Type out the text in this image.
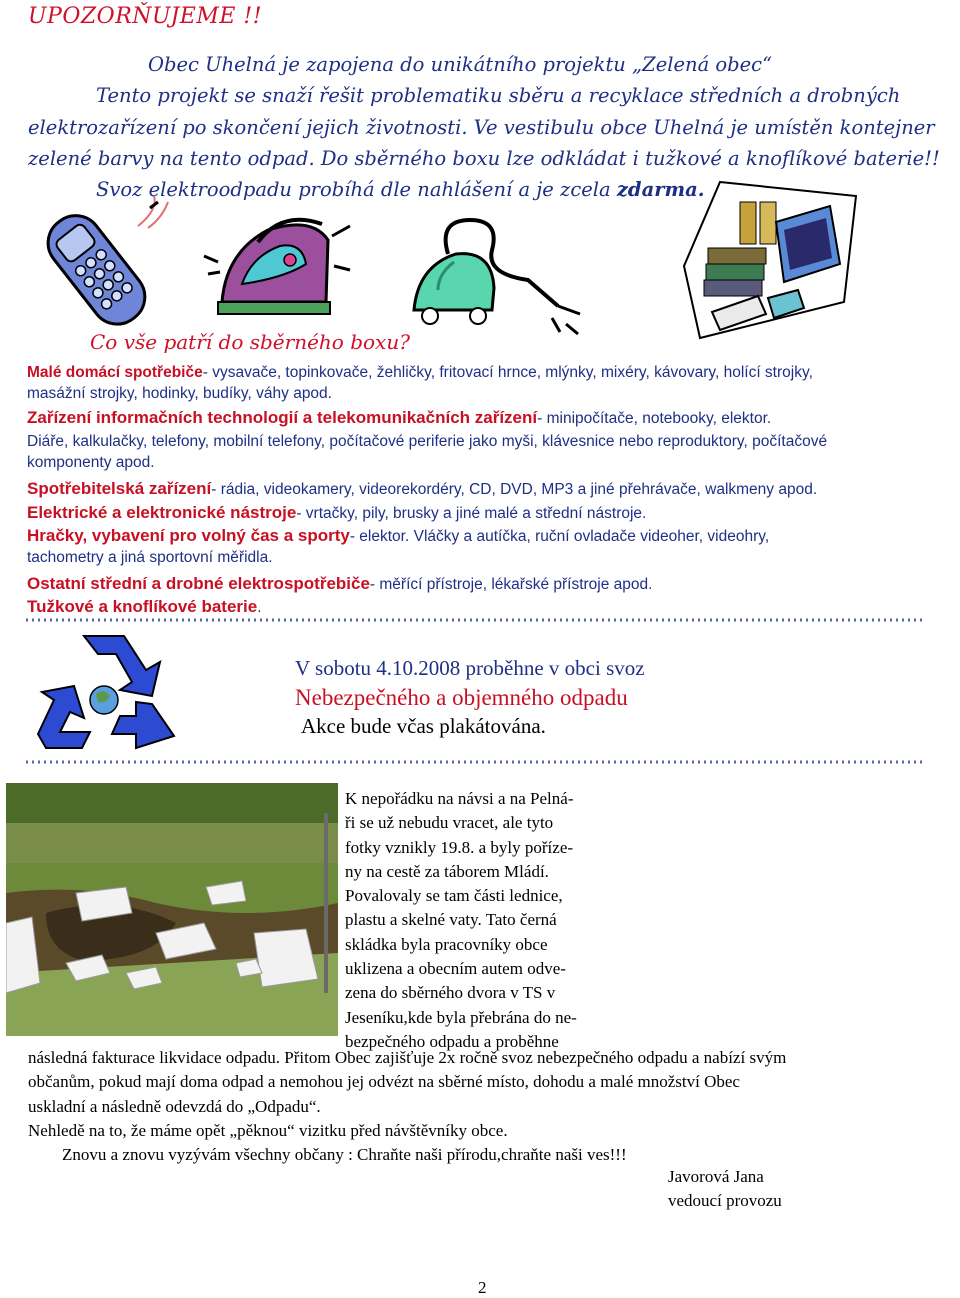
UPOZORŇUJEME !!
Obec Uhelná je zapojena do unikátního projektu „Zelená obec“
Tento projekt se snaží řešit problematiku sběru a recyklace středních a drobných
elektrozařízení po skončení jejich životnosti. Ve vestibulu obce Uhelná je umístěn kontejner
zelené barvy na tento odpad. Do sběrného boxu lze odkládat i tužkové a knoflíkové baterie!!
Svoz elektroodpadu probíhá dle nahlášení a je zcela zdarma.
Co vše patří do sběrného boxu?
Malé domácí spotřebiče- vysavače, topinkovače, žehličky, fritovací hrnce, mlýnky, mixéry, kávovary, holící strojky,
masážní strojky, hodinky, budíky, váhy apod.
Zařízení informačních technologií a telekomunikačních zařízení- minipočítače, notebooky, elektor.
Diáře, kalkulačky, telefony, mobilní telefony, počítačové periferie jako myši, klávesnice nebo reproduktory, počítačové
komponenty apod.
Spotřebitelská zařízení- rádia, videokamery, videorekordéry, CD, DVD, MP3 a jiné přehrávače, walkmeny apod.
Elektrické a elektronické nástroje- vrtačky, pily, brusky a jiné malé a střední nástroje.
Hračky, vybavení pro volný čas a sporty- elektor. Vláčky a autíčka, ruční ovladače videoher, videohry,
tachometry a jiná sportovní měřidla.
Ostatní střední a drobné elektrospotřebiče- měřící přístroje, lékařské přístroje apod.
Tužkové a knoflíkové baterie.
V sobotu 4.10.2008 proběhne v obci svoz
Nebezpečného a objemného odpadu
Akce bude včas plakátována.
K nepořádku na návsi a na Pelná-
ři se už nebudu vracet, ale tyto
fotky vznikly 19.8. a byly poříze-
ny na cestě za táborem Mládí.
Povalovaly se tam části lednice,
plastu a skelné vaty. Tato černá
skládka byla pracovníky obce
uklizena a obecním autem odve-
zena do sběrného dvora v TS v
Jeseníku,kde byla přebrána do ne-
bezpečného odpadu a proběhne
následná fakturace likvidace odpadu. Přitom Obec zajišťuje 2x ročně svoz nebezpečného odpadu a nabízí svým
občanům, pokud mají doma odpad a nemohou jej odvézt na sběrné místo, dohodu a malé množství Obec
uskladní a následně odevzdá do „Odpadu“.
Nehledě na to, že máme opět „pěknou“ vizitku před návštěvníky obce.
Znovu a znovu vyzývám všechny občany : Chraňte naši přírodu,chraňte naši ves!!!
Javorová Jana
vedoucí provozu
2
